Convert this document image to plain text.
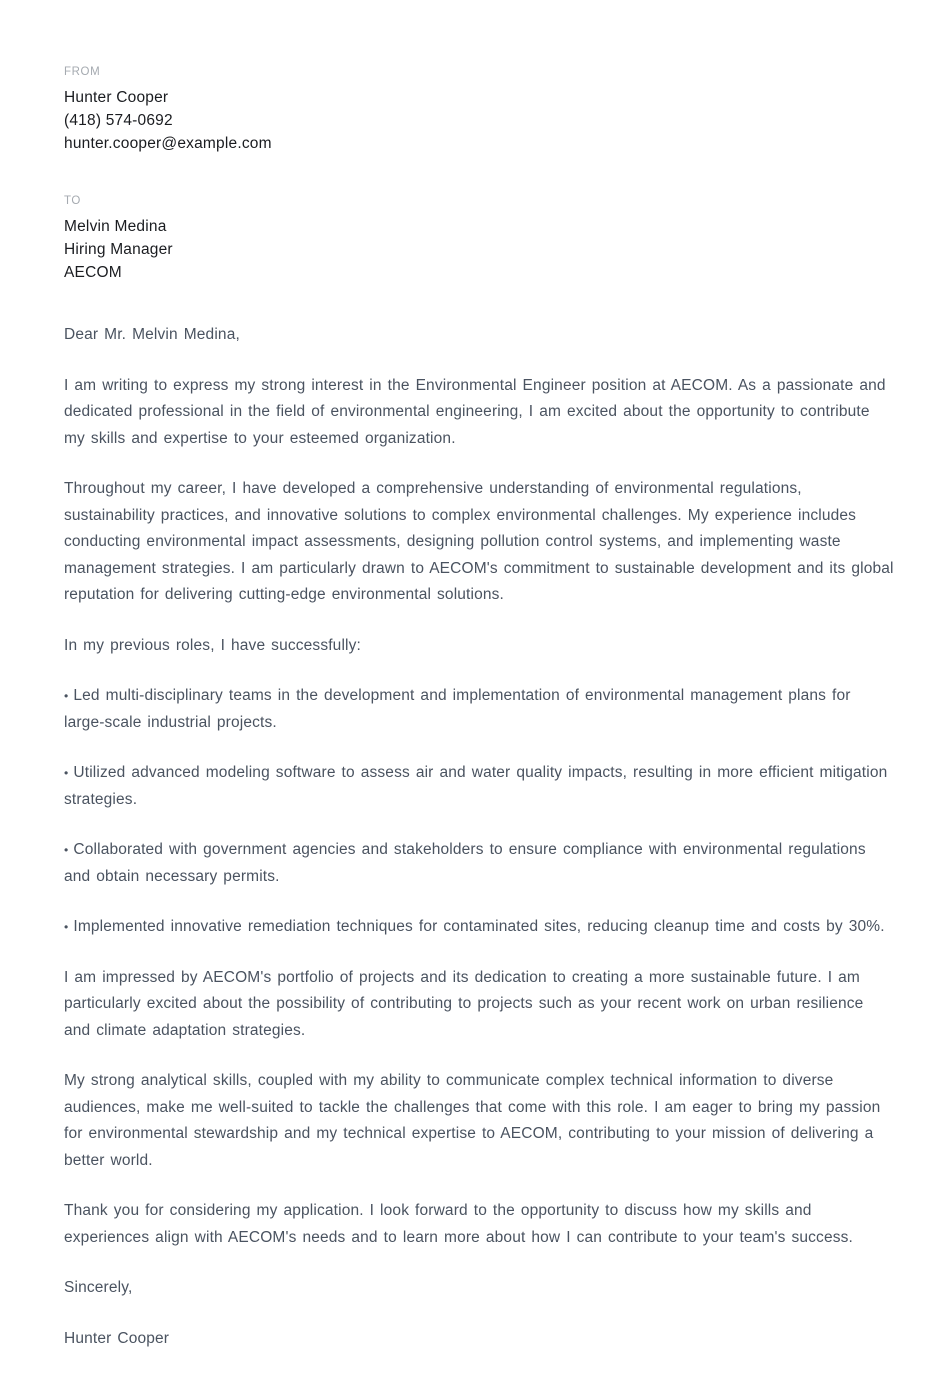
FROM
Hunter Cooper
(418) 574-0692
hunter.cooper@example.com
TO
Melvin Medina
Hiring Manager
AECOM

Dear Mr. Melvin Medina,

I am writing to express my strong interest in the Environmental Engineer position at AECOM. As a passionate and dedicated professional in the field of environmental engineering, I am excited about the opportunity to contribute my skills and expertise to your esteemed organization.

Throughout my career, I have developed a comprehensive understanding of environmental regulations, sustainability practices, and innovative solutions to complex environmental challenges. My experience includes conducting environmental impact assessments, designing pollution control systems, and implementing waste management strategies. I am particularly drawn to AECOM's commitment to sustainable development and its global reputation for delivering cutting-edge environmental solutions.

In my previous roles, I have successfully:

• Led multi-disciplinary teams in the development and implementation of environmental management plans for large-scale industrial projects.

• Utilized advanced modeling software to assess air and water quality impacts, resulting in more efficient mitigation strategies.

• Collaborated with government agencies and stakeholders to ensure compliance with environmental regulations and obtain necessary permits.

• Implemented innovative remediation techniques for contaminated sites, reducing cleanup time and costs by 30%.

I am impressed by AECOM's portfolio of projects and its dedication to creating a more sustainable future. I am particularly excited about the possibility of contributing to projects such as your recent work on urban resilience and climate adaptation strategies.

My strong analytical skills, coupled with my ability to communicate complex technical information to diverse audiences, make me well-suited to tackle the challenges that come with this role. I am eager to bring my passion for environmental stewardship and my technical expertise to AECOM, contributing to your mission of delivering a better world.

Thank you for considering my application. I look forward to the opportunity to discuss how my skills and experiences align with AECOM's needs and to learn more about how I can contribute to your team's success.

Sincerely,

Hunter Cooper
